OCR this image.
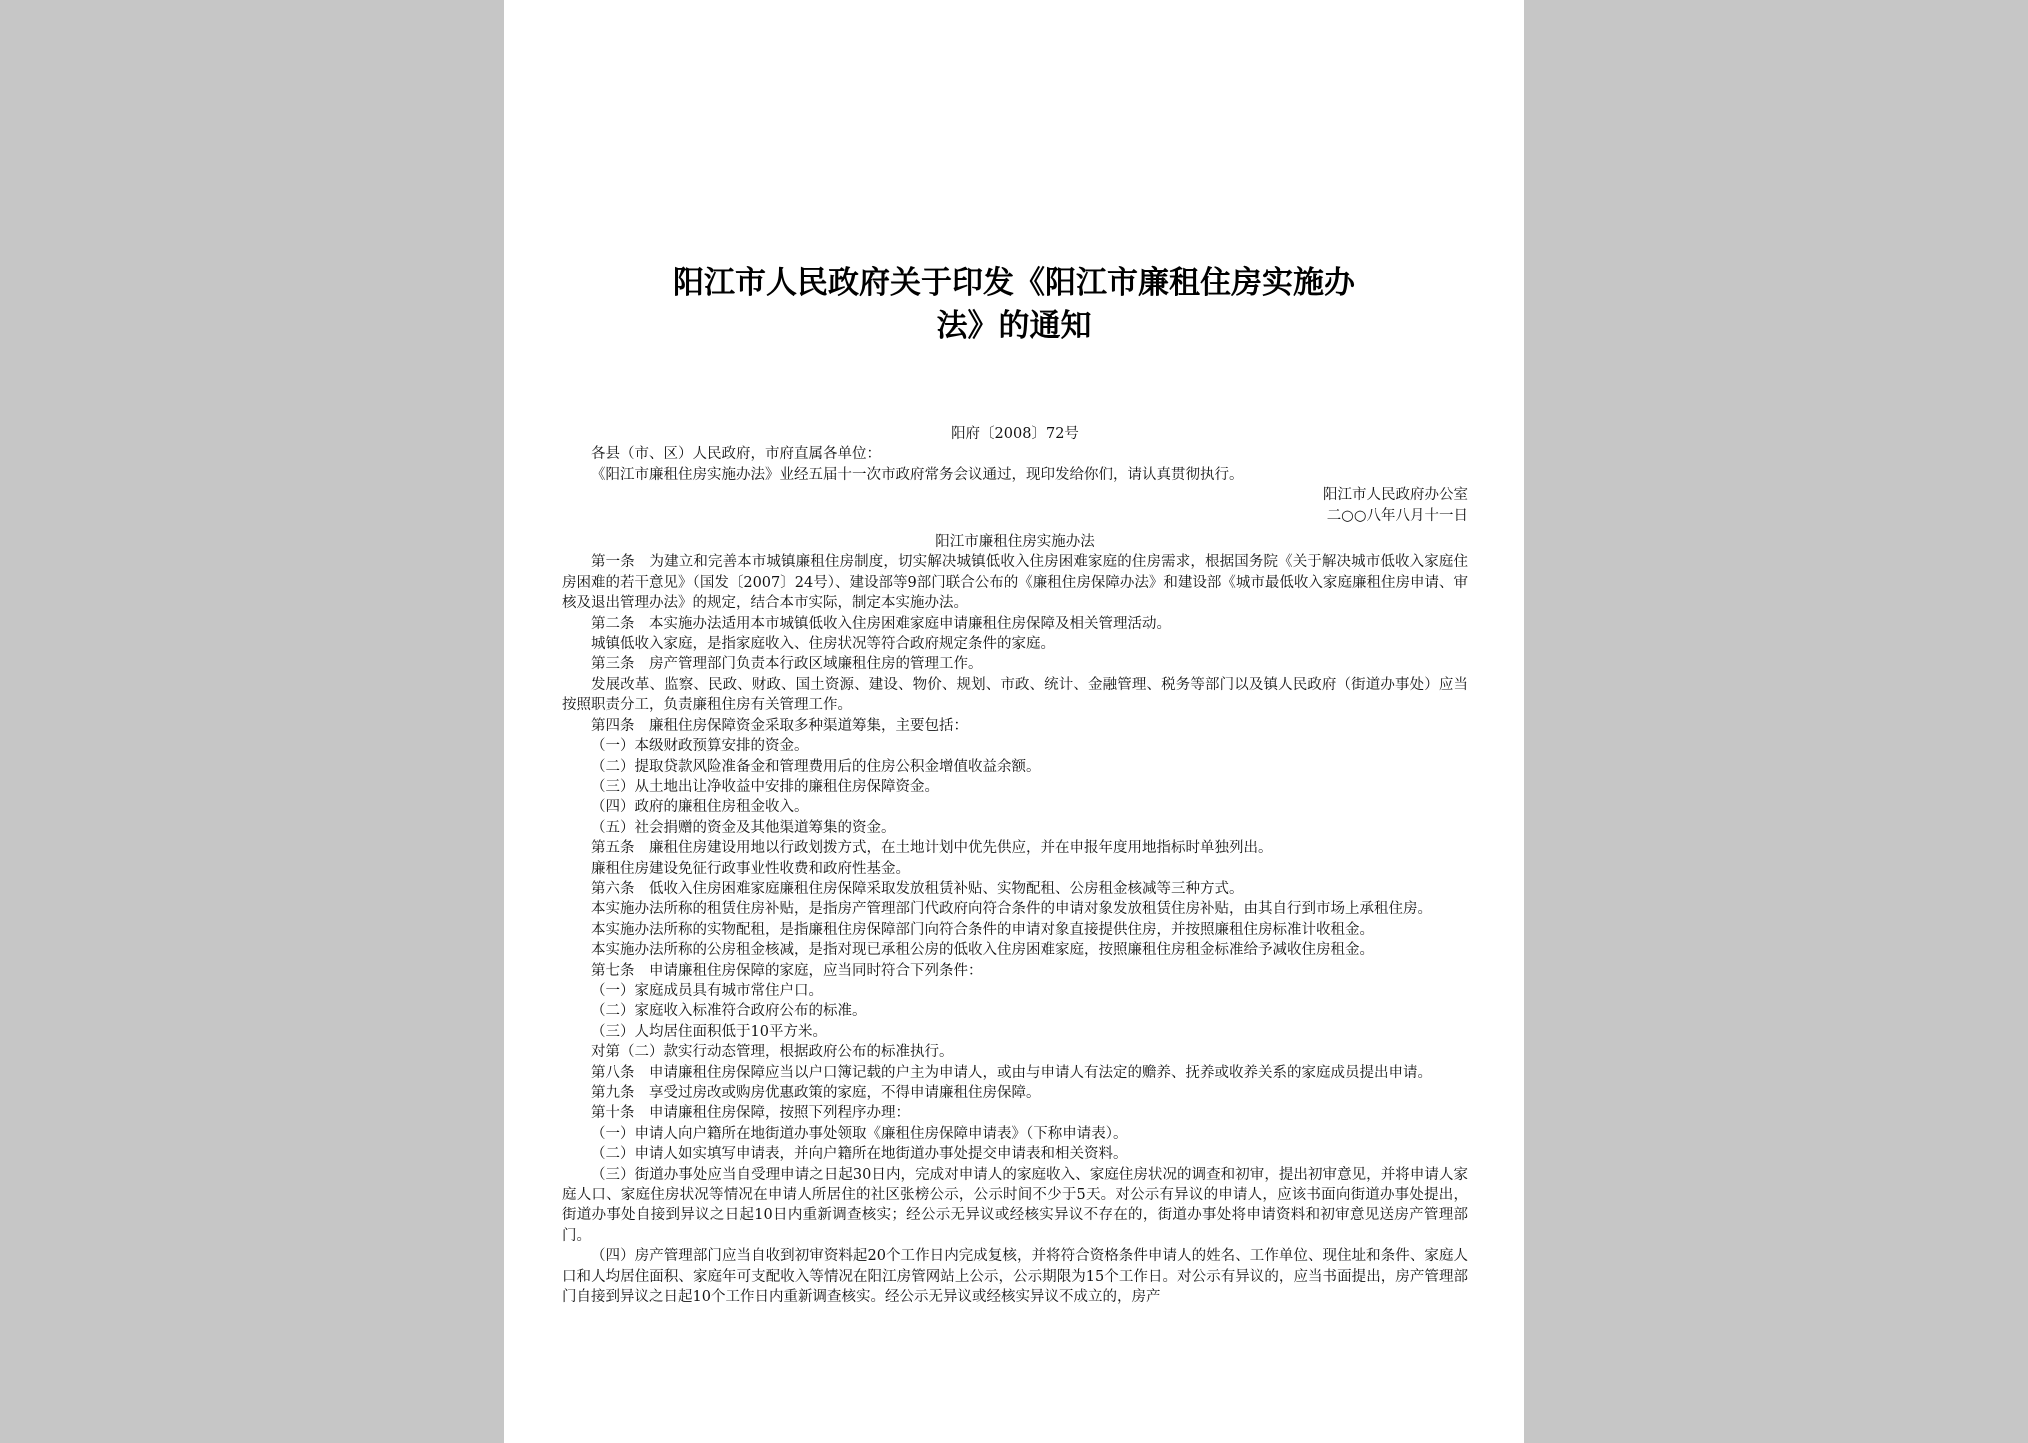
阳江市人民政府关于印发《阳江市廉租住房实施办
法》的通知
阳府〔2008〕72号
各县（市、区）人民政府，市府直属各单位：
《阳江市廉租住房实施办法》业经五届十一次市政府常务会议通过，现印发给你们，请认真贯彻执行。
阳江市人民政府办公室
二○○八年八月十一日
阳江市廉租住房实施办法
第一条　为建立和完善本市城镇廉租住房制度，切实解决城镇低收入住房困难家庭的住房需求，根据国务院《关于解决城市低收入家庭住房困难的若干意见》（国发〔2007〕24号）、建设部等9部门联合公布的《廉租住房保障办法》和建设部《城市最低收入家庭廉租住房申请、审核及退出管理办法》的规定，结合本市实际，制定本实施办法。
第二条　本实施办法适用本市城镇低收入住房困难家庭申请廉租住房保障及相关管理活动。
城镇低收入家庭，是指家庭收入、住房状况等符合政府规定条件的家庭。
第三条　房产管理部门负责本行政区域廉租住房的管理工作。
发展改革、监察、民政、财政、国土资源、建设、物价、规划、市政、统计、金融管理、税务等部门以及镇人民政府（街道办事处）应当按照职责分工，负责廉租住房有关管理工作。
第四条　廉租住房保障资金采取多种渠道筹集，主要包括：
（一）本级财政预算安排的资金。
（二）提取贷款风险准备金和管理费用后的住房公积金增值收益余额。
（三）从土地出让净收益中安排的廉租住房保障资金。
（四）政府的廉租住房租金收入。
（五）社会捐赠的资金及其他渠道筹集的资金。
第五条　廉租住房建设用地以行政划拨方式，在土地计划中优先供应，并在申报年度用地指标时单独列出。
廉租住房建设免征行政事业性收费和政府性基金。
第六条　低收入住房困难家庭廉租住房保障采取发放租赁补贴、实物配租、公房租金核减等三种方式。
本实施办法所称的租赁住房补贴，是指房产管理部门代政府向符合条件的申请对象发放租赁住房补贴，由其自行到市场上承租住房。
本实施办法所称的实物配租，是指廉租住房保障部门向符合条件的申请对象直接提供住房，并按照廉租住房标准计收租金。
本实施办法所称的公房租金核减，是指对现已承租公房的低收入住房困难家庭，按照廉租住房租金标准给予减收住房租金。
第七条　申请廉租住房保障的家庭，应当同时符合下列条件：
（一）家庭成员具有城市常住户口。
（二）家庭收入标准符合政府公布的标准。
（三）人均居住面积低于10平方米。
对第（二）款实行动态管理，根据政府公布的标准执行。
第八条　申请廉租住房保障应当以户口簿记载的户主为申请人，或由与申请人有法定的赡养、抚养或收养关系的家庭成员提出申请。
第九条　享受过房改或购房优惠政策的家庭，不得申请廉租住房保障。
第十条　申请廉租住房保障，按照下列程序办理：
（一）申请人向户籍所在地街道办事处领取《廉租住房保障申请表》（下称申请表）。
（二）申请人如实填写申请表，并向户籍所在地街道办事处提交申请表和相关资料。
（三）街道办事处应当自受理申请之日起30日内，完成对申请人的家庭收入、家庭住房状况的调查和初审，提出初审意见，并将申请人家庭人口、家庭住房状况等情况在申请人所居住的社区张榜公示，公示时间不少于5天。对公示有异议的申请人，应该书面向街道办事处提出，街道办事处自接到异议之日起10日内重新调查核实；经公示无异议或经核实异议不存在的，街道办事处将申请资料和初审意见送房产管理部门。
（四）房产管理部门应当自收到初审资料起20个工作日内完成复核，并将符合资格条件申请人的姓名、工作单位、现住址和条件、家庭人口和人均居住面积、家庭年可支配收入等情况在阳江房管网站上公示，公示期限为15个工作日。对公示有异议的，应当书面提出，房产管理部门自接到异议之日起10个工作日内重新调查核实。经公示无异议或经核实异议不成立的，房产
